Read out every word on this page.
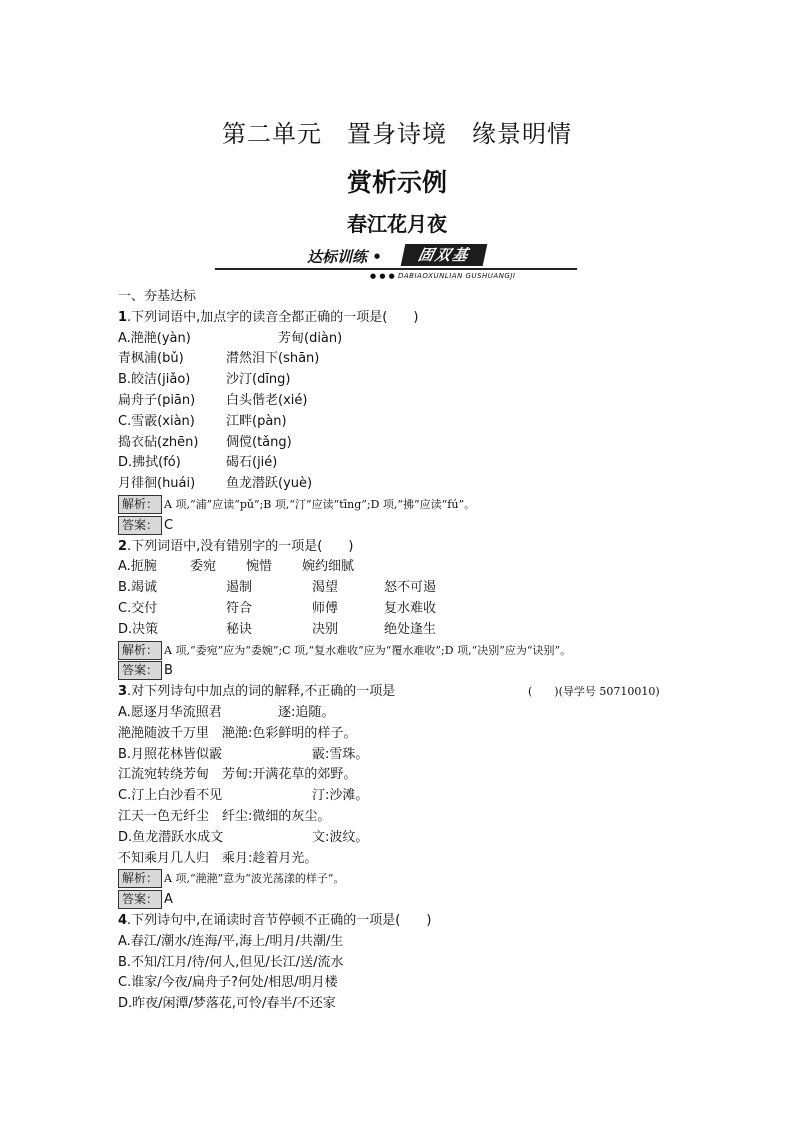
第二单元　置身诗境　缘景明情
赏析示例
春江花月夜
达标训练 •	固双基
● ● ● DABIAOXUNLIAN GUSHUANGJI
一、夯基达标
1.下列词语中,加点字的读音全都正确的一项是(　　)
A.滟滟(yàn)	芳甸(diàn)
青枫浦(bǔ)	潸然泪下(shān)
B.皎洁(jiǎo)	沙汀(dīng)
扁舟子(piān) 白头偕老(xié)
C.雪霰(xiàn) 江畔(pàn)
捣衣砧(zhēn) 倜傥(tǎng)
D.拂拭(fó)	碣石(jié)
月徘徊(huái) 鱼龙潜跃(yuè)
解析： A 项,“浦”应读“pǔ”;B 项,“汀”应读“tīng”;D 项,“拂”应读“fú”。
答案： C
2.下列词语中,没有错别字的一项是(　　)
A.扼腕	委宛 惋惜 婉约细腻
B.竭诚	遏制	渴望	怒不可遏
C.交付	符合	师傅	复水难收
D.决策	秘诀	决别	绝处逢生
解析： A 项,“委宛”应为“委婉”;C 项,“复水难收”应为“覆水难收”;D 项,“决别”应为“诀别”。
答案： B
3.对下列诗句中加点的词的解释,不正确的一项是	(　　)(导学号 50710010)
A.愿逐月华流照君	逐:追随。
滟滟随波千万里　滟滟:色彩鲜明的样子。
B.月照花林皆似霰	霰:雪珠。
江流宛转绕芳甸　芳甸:开满花草的郊野。
C.汀上白沙看不见	汀:沙滩。
江天一色无纤尘　纤尘:微细的灰尘。
D.鱼龙潜跃水成文	文:波纹。
不知乘月几人归　乘月:趁着月光。
解析： A 项,“滟滟”意为“波光荡漾的样子”。
答案： A
4.下列诗句中,在诵读时音节停顿不正确的一项是(　　)
A.春江/潮水/连海/平,海上/明月/共潮/生
B.不知/江月/待/何人,但见/长江/送/流水
C.谁家/今夜/扁舟子?何处/相思/明月楼
D.昨夜/闲潭/梦落花,可怜/春半/不还家
